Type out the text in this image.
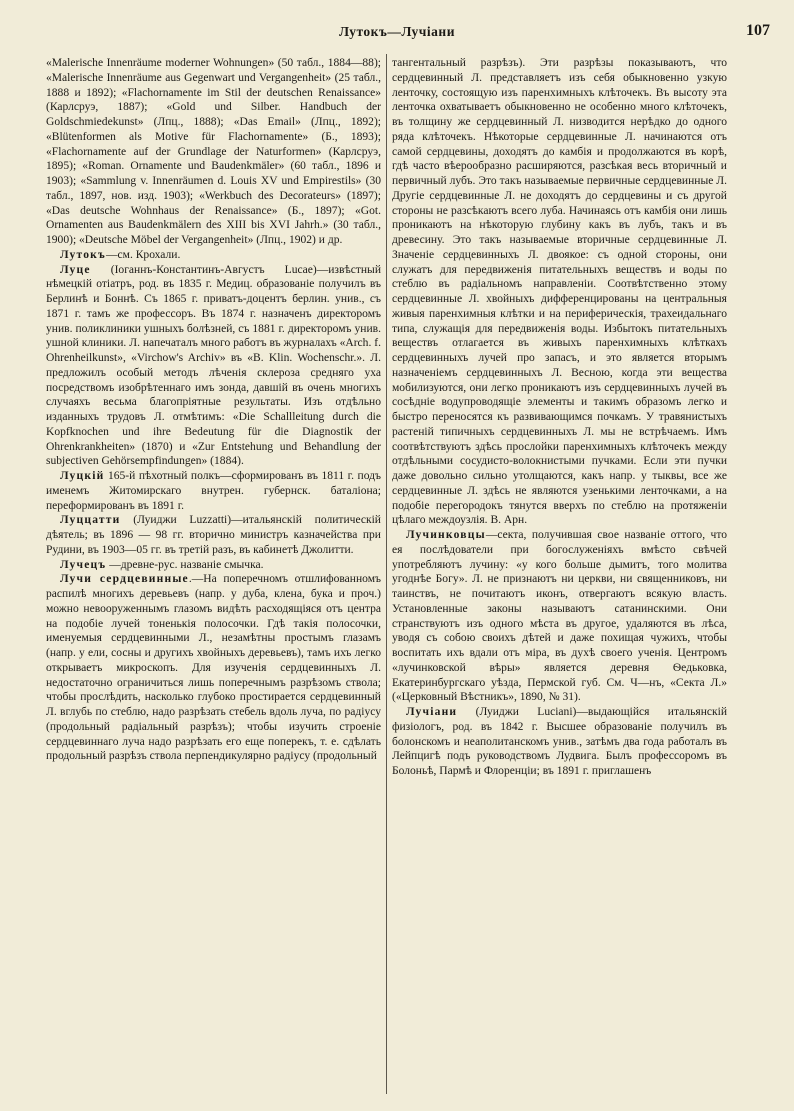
Лутокъ—Лучiани	107

«Malerische Innenräume moderner Wohnungen» (50 табл., 1884—88); «Malerische Innenräume aus Gegenwart und Vergangenheit» (25 табл., 1888 и 1892); «Flachornamente im Stil der deutschen Renaissance» (Карлсруэ, 1887); «Gold und Silber. Handbuch der Goldschmiedekunst» (Лпц., 1888); «Das Email» (Лпц., 1892); «Blütenformen als Motive für Flachornamente» (Б., 1893); «Flachornamente auf der Grundlage der Naturformen» (Карлсруэ, 1895); «Roman. Ornamente und Baudenkmäler» (60 табл., 1896 и 1903); «Sammlung v. Innenräumen d. Louis XV und Empirestils» (30 табл., 1897, нов. изд. 1903); «Werkbuch des Decorateurs» (1897); «Das deutsche Wohnhaus der Renaissance» (Б., 1897); «Got. Ornamenten aus Baudenkmälern des XIII bis XVI Jahrh.» (30 табл., 1900); «Deutsche Möbel der Vergangenheit» (Лпц., 1902) и др.

Лутокъ—см. Крохали.

Луце (Iоганнъ-Константинъ-Августъ Lucae)—извѣстный нѣмецкiй отiатръ, род. въ 1835 г. Медиц. образованiе получилъ въ Берлинѣ и Боннѣ. Съ 1865 г. приватъ-доцентъ берлин. унив., съ 1871 г. тамъ же профессоръ. Въ 1874 г. назначенъ директоромъ унив. поликлиники ушныхъ болѣзней, съ 1881 г. директоромъ унив. ушной клиники. Л. напечаталъ много работъ въ журналахъ «Arch. f. Ohrenheilkunst», «Virchow's Archiv» въ «B. Klin. Wochenschr.». Л. предложилъ особый методъ лѣченiя склероза средняго уха посредствомъ изобрѣтеннаго имъ зонда, давшiй въ очень многихъ случаяхъ весьма благопрiятные результаты. Изъ отдѣльно изданныхъ трудовъ Л. отмѣтимъ: «Die Schallleitung durch die Kopfknochen und ihre Bedeutung für die Diagnostik der Ohrenkrankheiten» (1870) и «Zur Entstehung und Behandlung der subjectiven Gehörsempfindungen» (1884).

Луцкiй 165-й пѣхотный полкъ—сформированъ въ 1811 г. подъ именемъ Житомирскаго внутрен. губернск. баталiона; переформированъ въ 1891 г.

Луццатти (Луиджи Luzzatti)—итальянскiй политическiй дѣятель; въ 1896 — 98 гг. вторично министръ казначейства при Рудини, въ 1903—05 гг. въ третiй разъ, въ кабинетѣ Джолитти.

Лучецъ —древне-рус. названiе смычка.

Лучи сердцевинные.—На поперечномъ отшлифованномъ распилѣ многихъ деревьевъ (напр. у дуба, клена, бука и проч.) можно невооруженнымъ глазомъ видѣть расходящiяся отъ центра на подобiе лучей тоненькiя полосочки. Гдѣ такiя полосочки, именуемыя сердцевинными Л., незамѣтны простымъ глазамъ (напр. у ели, сосны и другихъ хвойныхъ деревьевъ), тамъ ихъ легко открываетъ микроскопъ. Для изученiя сердцевинныхъ Л. недостаточно ограничиться лишь поперечнымъ разрѣзомъ ствола; чтобы прослѣдить, насколько глубоко простирается сердцевинный Л. вглубь по стеблю, надо разрѣзать стебель вдоль луча, по радiусу (продольный радiальный разрѣзъ); чтобы изучить строенiе сердцевиннаго луча надо разрѣзать его еще поперекъ, т. е. сдѣлать продольный разрѣзъ ствола перпендикулярно радiусу (продольный

тангентальный разрѣзъ). Эти разрѣзы показываютъ, что сердцевинный Л. представляетъ изъ себя обыкновенно узкую ленточку, состоящую изъ паренхимныхъ клѣточекъ. Въ высоту эта ленточка охватываетъ обыкновенно не особенно много клѣточекъ, въ толщину же сердцевинный Л. низводится нерѣдко до одного ряда клѣточекъ. Нѣкоторые сердцевинные Л. начинаются отъ самой сердцевины, доходятъ до камбiя и продолжаются въ корѣ, гдѣ часто вѣерообразно расширяются, разсѣкая весь вторичный и первичный лубъ. Это такъ называемые первичные сердцевинные Л. Другiе сердцевинные Л. не доходятъ до сердцевины и съ другой стороны не разсѣкаютъ всего луба. Начинаясь отъ камбiя они лишь проникаютъ на нѣкоторую глубину какъ въ лубъ, такъ и въ древесину. Это такъ называемые вторичные сердцевинные Л. Значенiе сердцевинныхъ Л. двоякое: съ одной стороны, они служатъ для передвиженiя питательныхъ веществъ и воды по стеблю въ радiальномъ направленiи. Соотвѣтственно этому сердцевинные Л. хвойныхъ дифференцированы на центральныя живыя паренхимныя клѣтки и на периферическiя, трахеидальнаго типа, служащiя для передвиженiя воды. Избытокъ питательныхъ веществъ отлагается въ живыхъ паренхимныхъ клѣткахъ сердцевинныхъ лучей про запасъ, и это является вторымъ назначенiемъ сердцевинныхъ Л. Весною, когда эти вещества мобилизуются, они легко проникаютъ изъ сердцевинныхъ лучей въ сосѣднiе водупроводящiе элементы и такимъ образомъ легко и быстро переносятся къ развивающимся почкамъ. У травянистыхъ растенiй типичныхъ сердцевинныхъ Л. мы не встрѣчаемъ. Имъ соотвѣтствуютъ здѣсь прослойки паренхимныхъ клѣточекъ между отдѣльными сосудисто-волокнистыми пучками. Если эти пучки даже довольно сильно утолщаются, какъ напр. у тыквы, все же сердцевинные Л. здѣсь не являются узенькими ленточками, а на подобiе перегородокъ тянутся вверхъ по стеблю на протяженiи цѣлаго междоузлiя. В. Арн.

Лучинковцы—секта, получившая свое названiе оттого, что ея послѣдователи при богослуженiяхъ вмѣсто свѣчей употребляютъ лучину: «у кого больше дымитъ, того молитва угоднѣе Богу». Л. не признаютъ ни церкви, ни священниковъ, ни таинствъ, не почитаютъ иконъ, отвергаютъ всякую власть. Установленные законы называютъ сатанинскими. Они странствуютъ изъ одного мѣста въ другое, удаляются въ лѣса, уводя съ собою своихъ дѣтей и даже похищая чужихъ, чтобы воспитать ихъ вдали отъ мiра, въ духѣ своего ученiя. Центромъ «лучинковской вѣры» является деревня Ѳедьковка, Екатеринбургскаго уѣзда, Пермской губ. См. Ч—нъ, «Секта Л.» («Церковный Вѣстникъ», 1890, № 31).

Лучiани (Луиджи Luciani)—выдающiйся итальянскiй физiологъ, род. въ 1842 г. Высшее образованiе получилъ въ болонскомъ и неаполитанскомъ унив., затѣмъ два года работалъ въ Лейпцигѣ подъ руководствомъ Лудвига. Былъ профессоромъ въ Болоньѣ, Пармѣ и Флоренцiи; въ 1891 г. приглашенъ
